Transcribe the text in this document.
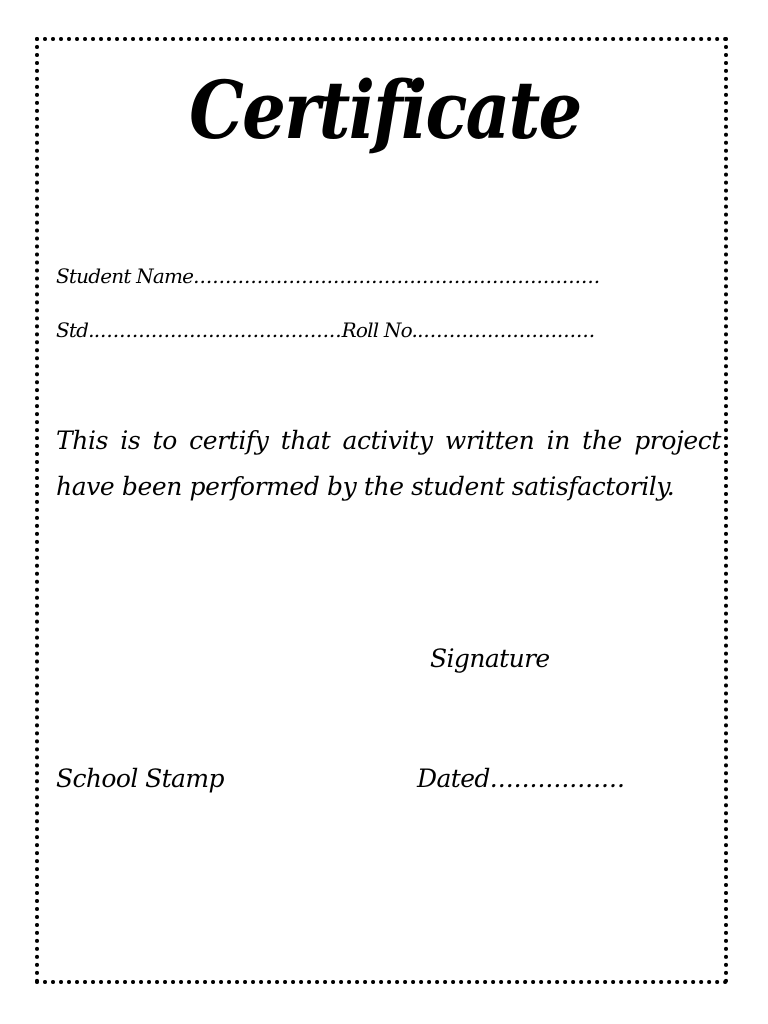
Certificate
Student Name................................................................
Std........................................Roll No.............................
This is to certify that activity written in the project
have been performed by the student satisfactorily.
Signature
School Stamp	Dated.................
